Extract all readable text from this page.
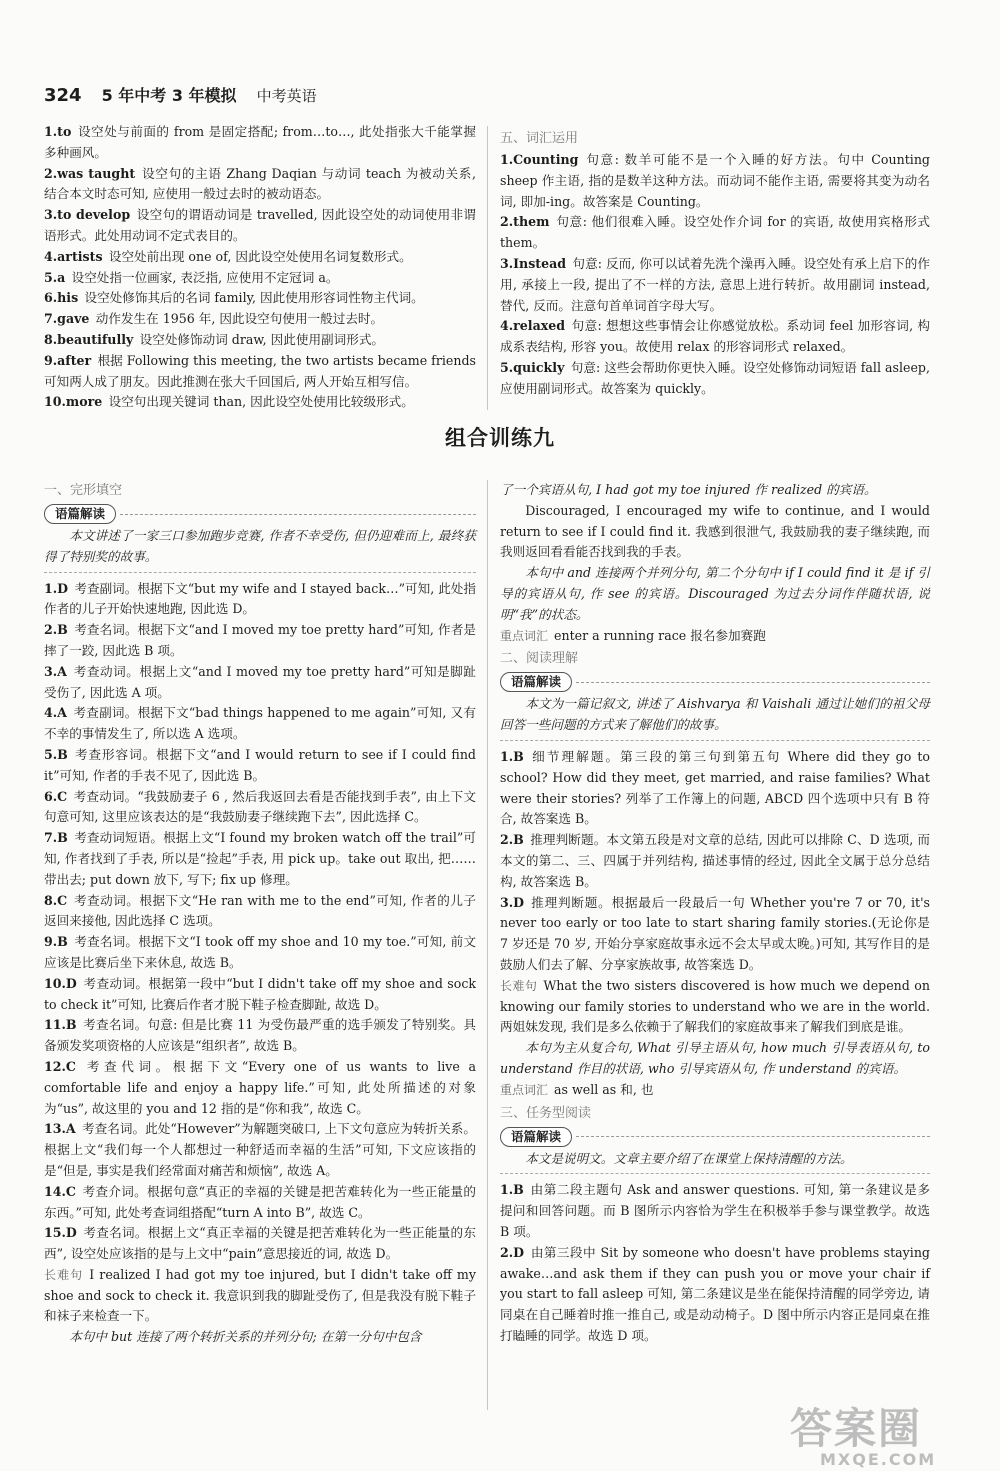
324 5 年中考 3 年模拟 中考英语

1.to  设空处与前面的 from 是固定搭配; from…to…, 此处指张大千能掌握多种画风。

2.was taught  设空句的主语 Zhang Daqian 与动词 teach 为被动关系, 结合本文时态可知, 应使用一般过去时的被动语态。

3.to develop  设空句的谓语动词是 travelled, 因此设空处的动词使用非谓语形式。此处用动词不定式表目的。

4.artists  设空处前出现 one of, 因此设空处使用名词复数形式。

5.a  设空处指一位画家, 表泛指, 应使用不定冠词 a。

6.his  设空处修饰其后的名词 family, 因此使用形容词性物主代词。

7.gave  动作发生在 1956 年, 因此设空句使用一般过去时。

8.beautifully  设空处修饰动词 draw, 因此使用副词形式。

9.after  根据 Following this meeting, the two artists became friends 可知两人成了朋友。因此推测在张大千回国后, 两人开始互相写信。

10.more  设空句出现关键词 than, 因此设空处使用比较级形式。

五、词汇运用

1.Counting  句意: 数羊可能不是一个入睡的好方法。句中 Counting sheep 作主语, 指的是数羊这种方法。而动词不能作主语, 需要将其变为动名词, 即加-ing。故答案是 Counting。

2.them  句意: 他们很难入睡。设空处作介词 for 的宾语, 故使用宾格形式 them。

3.Instead  句意: 反而, 你可以试着先洗个澡再入睡。设空处有承上启下的作用, 承接上一段, 提出了不一样的方法, 意思上进行转折。故用副词 instead, 替代, 反而。注意句首单词首字母大写。

4.relaxed  句意: 想想这些事情会让你感觉放松。系动词 feel 加形容词, 构成系表结构, 形容 you。故使用 relax 的形容词形式 relaxed。

5.quickly  句意: 这些会帮助你更快入睡。设空处修饰动词短语 fall asleep, 应使用副词形式。故答案为 quickly。

组合训练九
一、完形填空
语篇解读

本文讲述了一家三口参加跑步竞赛, 作者不幸受伤, 但仍迎难而上, 最终获得了特别奖的故事。

1.D  考查副词。根据下文“but my wife and I stayed back…”可知, 此处指作者的儿子开始快速地跑, 因此选 D。

2.B  考查名词。根据下文“and I moved my toe pretty hard”可知, 作者是摔了一跤, 因此选 B 项。

3.A  考查动词。根据上文“and I moved my toe pretty hard”可知是脚趾受伤了, 因此选 A 项。

4.A  考查副词。根据下文“bad things happened to me again”可知, 又有不幸的事情发生了, 所以选 A 选项。

5.B  考查形容词。根据下文“and I would return to see if I could find it”可知, 作者的手表不见了, 因此选 B。

6.C  考查动词。“我鼓励妻子 6 , 然后我返回去看是否能找到手表”, 由上下文句意可知, 这里应该表达的是“我鼓励妻子继续跑下去”, 因此选择 C。

7.B  考查动词短语。根据上文“I found my broken watch off the trail”可知, 作者找到了手表, 所以是“捡起”手表, 用 pick up。take out 取出, 把……带出去; put down 放下, 写下; fix up 修理。

8.C  考查动词。根据下文“He ran with me to the end”可知, 作者的儿子返回来接他, 因此选择 C 选项。

9.B  考查名词。根据下文“I took off my shoe and 10 my toe.”可知, 前文应该是比赛后坐下来休息, 故选 B。

10.D  考查动词。根据第一段中“but I didn't take off my shoe and sock to check it”可知, 比赛后作者才脱下鞋子检查脚趾, 故选 D。

11.B  考查名词。句意: 但是比赛 11 为受伤最严重的选手颁发了特别奖。具备颁发奖项资格的人应该是“组织者”, 故选 B。

12.C  考查代词。根据下文“Every one of us wants to live a comfortable life and enjoy a happy life.”可知, 此处所描述的对象为“us”, 故这里的 you and 12 指的是“你和我”, 故选 C。

13.A  考查名词。此处“However”为解题突破口, 上下文句意应为转折关系。根据上文“我们每一个人都想过一种舒适而幸福的生活”可知, 下文应该指的是“但是, 事实是我们经常面对痛苦和烦恼”, 故选 A。

14.C  考查介词。根据句意“真正的幸福的关键是把苦难转化为一些正能量的东西。”可知, 此处考查词组搭配“turn A into B”, 故选 C。

15.D  考查名词。根据上文“真正幸福的关键是把苦难转化为一些正能量的东西”, 设空处应该指的是与上文中“pain”意思接近的词, 故选 D。

长难句 I realized I had got my toe injured, but I didn't take off my shoe and sock to check it. 我意识到我的脚趾受伤了, 但是我没有脱下鞋子和袜子来检查一下。

本句中 but 连接了两个转折关系的并列分句; 在第一分句中包含

了一个宾语从句, I had got my toe injured 作 realized 的宾语。

Discouraged, I encouraged my wife to continue, and I would return to see if I could find it. 我感到很泄气, 我鼓励我的妻子继续跑, 而我则返回看看能否找到我的手表。

本句中 and 连接两个并列分句, 第二个分句中 if I could find it 是 if 引导的宾语从句, 作 see 的宾语。Discouraged 为过去分词作伴随状语, 说明“我”的状态。

重点词汇 enter a running race 报名参加赛跑

二、阅读理解
语篇解读

本文为一篇记叙文, 讲述了 Aishvarya 和 Vaishali 通过让她们的祖父母回答一些问题的方式来了解他们的故事。

1.B  细节理解题。第三段的第三句到第五句 Where did they go to school? How did they meet, get married, and raise families? What were their stories? 列举了工作簿上的问题, ABCD 四个选项中只有 B 符合, 故答案选 B。

2.B  推理判断题。本文第五段是对文章的总结, 因此可以排除 C、D 选项, 而本文的第二、三、四属于并列结构, 描述事情的经过, 因此全文属于总分总结构, 故答案选 B。

3.D  推理判断题。根据最后一段最后一句 Whether you're 7 or 70, it's never too early or too late to start sharing family stories.(无论你是 7 岁还是 70 岁, 开始分享家庭故事永远不会太早或太晚。)可知, 其写作目的是鼓励人们去了解、分享家族故事, 故答案选 D。

长难句 What the two sisters discovered is how much we depend on knowing our family stories to understand who we are in the world. 两姐妹发现, 我们是多么依赖于了解我们的家庭故事来了解我们到底是谁。

本句为主从复合句, What 引导主语从句, how much 引导表语从句, to understand 作目的状语, who 引导宾语从句, 作 understand 的宾语。

重点词汇 as well as 和, 也

三、任务型阅读
语篇解读

本文是说明文。文章主要介绍了在课堂上保持清醒的方法。

1.B  由第二段主题句 Ask and answer questions. 可知, 第一条建议是多提问和回答问题。而 B 图所示内容恰为学生在积极举手参与课堂教学。故选 B 项。

2.D  由第三段中 Sit by someone who doesn't have problems staying awake…and ask them if they can push you or move your chair if you start to fall asleep 可知, 第二条建议是坐在能保持清醒的同学旁边, 请同桌在自己睡着时推一推自己, 或是动动椅子。D 图中所示内容正是同桌在推打瞌睡的同学。故选 D 项。

答案圈
MXQE.COM
